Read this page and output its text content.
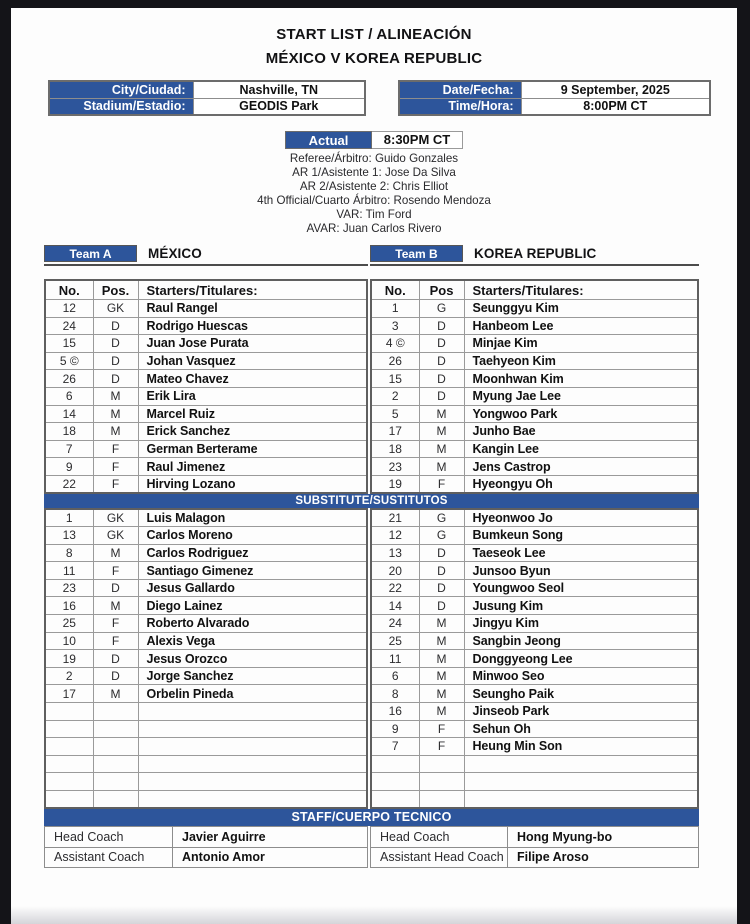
START LIST / ALINEACIÓN
MÉXICO V KOREA REPUBLIC
City/Ciudad:	Nashville, TN
Stadium/Estadio:	GEODIS Park
Date/Fecha:	9 September, 2025
Time/Hora:	8:00PM CT
Actual	8:30PM CT
Referee/Árbitro: Guido Gonzales
AR 1/Asistente 1: Jose Da Silva
AR 2/Asistente 2: Chris Elliot
4th Official/Cuarto Árbitro: Rosendo Mendoza
VAR: Tim Ford
AVAR: Juan Carlos Rivero
Team A	MÉXICO	Team B	KOREA REPUBLIC
No.	Pos.	Starters/Titulares:
12	GK	Raul Rangel
24	D	Rodrigo Huescas
15	D	Juan Jose Purata
5 ©	D	Johan Vasquez
26	D	Mateo Chavez
6	M	Erik Lira
14	M	Marcel Ruiz
18	M	Erick Sanchez
7	F	German Berterame
9	F	Raul Jimenez
22	F	Hirving Lozano
No.	Pos	Starters/Titulares:
1	G	Seunggyu Kim
3	D	Hanbeom Lee
4 ©	D	Minjae Kim
26	D	Taehyeon Kim
15	D	Moonhwan Kim
2	D	Myung Jae Lee
5	M	Yongwoo Park
17	M	Junho Bae
18	M	Kangin Lee
23	M	Jens Castrop
19	F	Hyeongyu Oh
SUBSTITUTE/SUSTITUTOS
1	GK	Luis Malagon
13	GK	Carlos Moreno
8	M	Carlos Rodriguez
11	F	Santiago Gimenez
23	D	Jesus Gallardo
16	M	Diego Lainez
25	F	Roberto Alvarado
10	F	Alexis Vega
19	D	Jesus Orozco
2	D	Jorge Sanchez
17	M	Orbelin Pineda

21	G	Hyeonwoo Jo
12	G	Bumkeun Song
13	D	Taeseok Lee
20	D	Junsoo Byun
22	D	Youngwoo Seol
14	D	Jusung Kim
24	M	Jingyu Kim
25	M	Sangbin Jeong
11	M	Donggyeong Lee
6	M	Minwoo Seo
8	M	Seungho Paik
16	M	Jinseob Park
9	F	Sehun Oh
7	F	Heung Min Son

STAFF/CUERPO TECNICO
Head Coach	Javier Aguirre
Assistant Coach	Antonio Amor
Head Coach	Hong Myung-bo
Assistant Head Coach	Filipe Aroso
